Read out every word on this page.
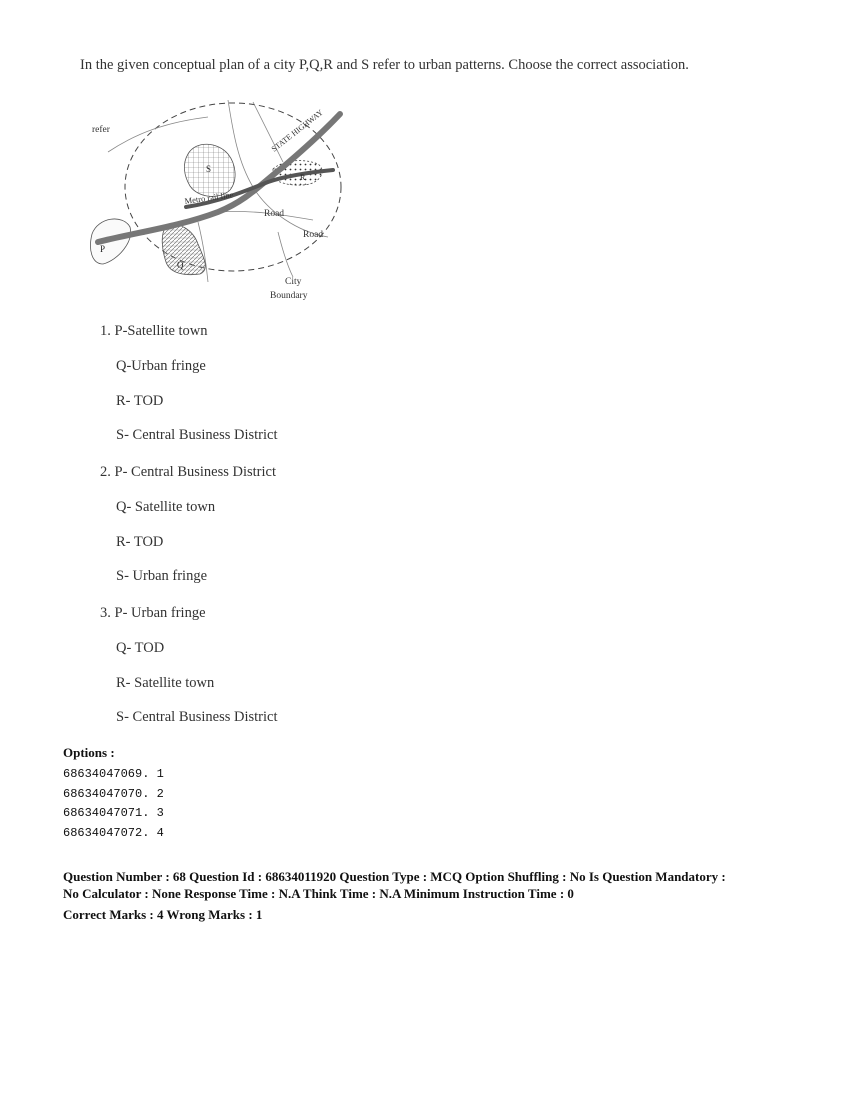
In the given conceptual plan of a city P,Q,R and S refer to urban patterns. Choose the correct association.
refer	STATE HIGHWAY
S
R
Metro rail line
Road
Road
P
Q
City
Boundary
1. P-Satellite town
Q-Urban fringe
R- TOD
S- Central Business District
2. P- Central Business District
Q- Satellite town
R- TOD
S- Urban fringe
3. P- Urban fringe
Q- TOD
R- Satellite town
S- Central Business District
Options :
68634047069. 1
68634047070. 2
68634047071. 3
68634047072. 4
Question Number : 68 Question Id : 68634011920 Question Type : MCQ Option Shuffling : No Is Question Mandatory :
No Calculator : None Response Time : N.A Think Time : N.A Minimum Instruction Time : 0
Correct Marks : 4 Wrong Marks : 1
